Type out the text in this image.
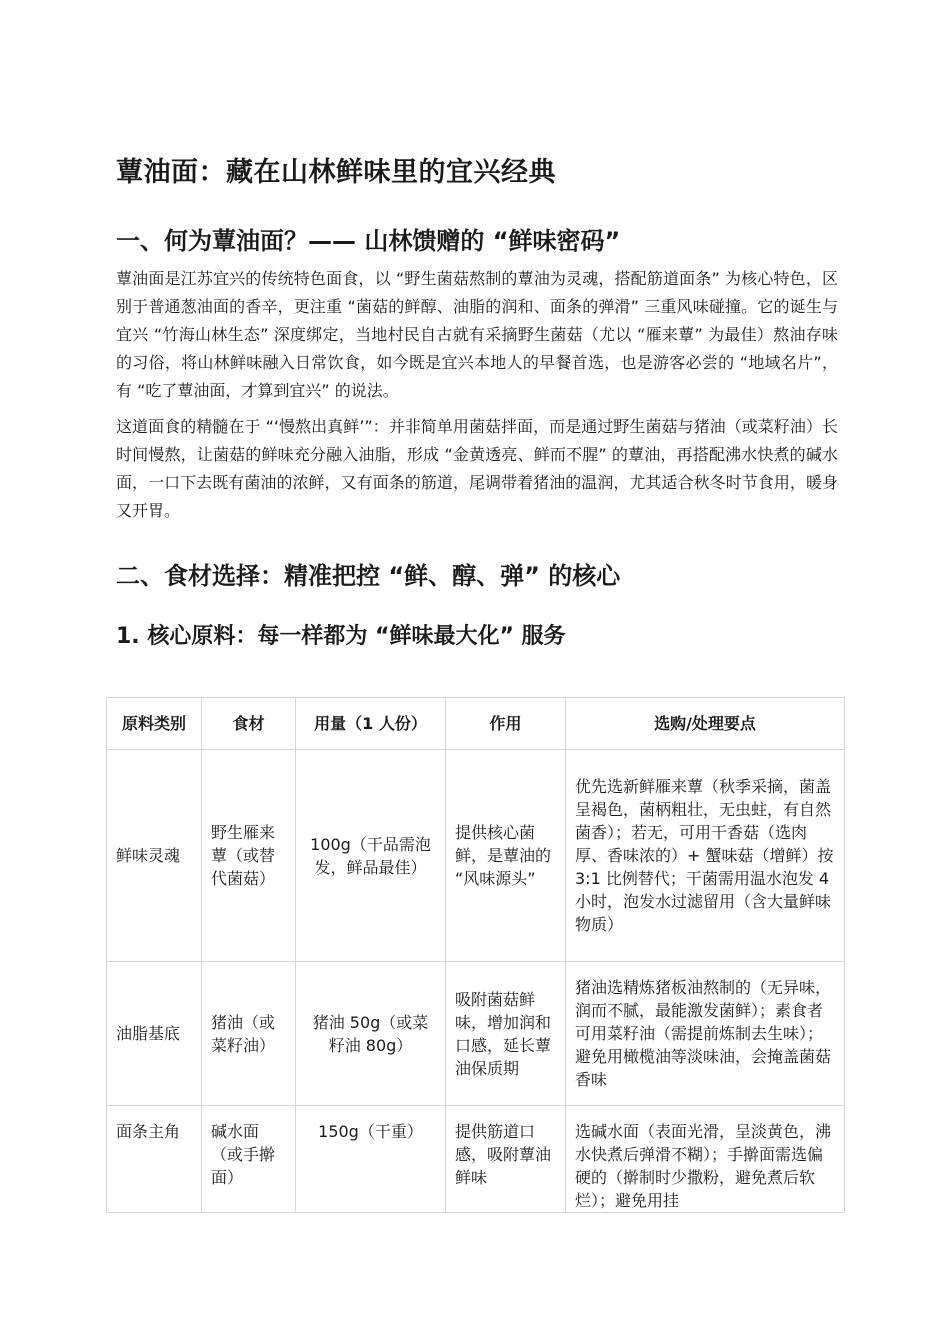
蕈油面：藏在山林鲜味里的宜兴经典
一、何为蕈油面？—— 山林馈赠的 “鲜味密码”

蕈油面是江苏宜兴的传统特色面食，以 “野生菌菇熬制的蕈油为灵魂，搭配筋道面条” 为核心特色，区别于普通葱油面的香辛，更注重 “菌菇的鲜醇、油脂的润和、面条的弹滑” 三重风味碰撞。它的诞生与宜兴 “竹海山林生态” 深度绑定，当地村民自古就有采摘野生菌菇（尤以 “雁来蕈” 为最佳）熬油存味的习俗，将山林鲜味融入日常饮食，如今既是宜兴本地人的早餐首选，也是游客必尝的 “地域名片”，有 “吃了蕈油面，才算到宜兴” 的说法。

这道面食的精髓在于 “‘慢熬出真鲜’”：并非简单用菌菇拌面，而是通过野生菌菇与猪油（或菜籽油）长时间慢熬，让菌菇的鲜味充分融入油脂，形成 “金黄透亮、鲜而不腥” 的蕈油，再搭配沸水快煮的碱水面，一口下去既有菌油的浓鲜，又有面条的筋道，尾调带着猪油的温润，尤其适合秋冬时节食用，暖身又开胃。

二、食材选择：精准把控 “鲜、醇、弹” 的核心
1. 核心原料：每一样都为 “鲜味最大化” 服务
原料类别	食材	用量（1 人份）	作用	选购/处理要点
鲜味灵魂	野生雁来蕈（或替代菌菇）	100g（干品需泡发，鲜品最佳）	提供核心菌鲜，是蕈油的 “风味源头”	优先选新鲜雁来蕈（秋季采摘，菌盖呈褐色，菌柄粗壮，无虫蛀，有自然菌香）；若无，可用干香菇（选肉厚、香味浓的）+ 蟹味菇（增鲜）按 3:1 比例替代；干菌需用温水泡发 4 小时，泡发水过滤留用（含大量鲜味物质）
油脂基底	猪油（或菜籽油）	猪油 50g（或菜籽油 80g）	吸附菌菇鲜味，增加润和口感，延长蕈油保质期	猪油选精炼猪板油熬制的（无异味，润而不腻，最能激发菌鲜）；素食者可用菜籽油（需提前炼制去生味）；避免用橄榄油等淡味油，会掩盖菌菇香味

面条主角	碱水面（或手擀面）	150g（干重）	提供筋道口感，吸附蕈油鲜味	选碱水面（表面光滑，呈淡黄色，沸水快煮后弹滑不糊）；手擀面需选偏硬的（擀制时少撒粉，避免煮后软烂）；避免用挂
